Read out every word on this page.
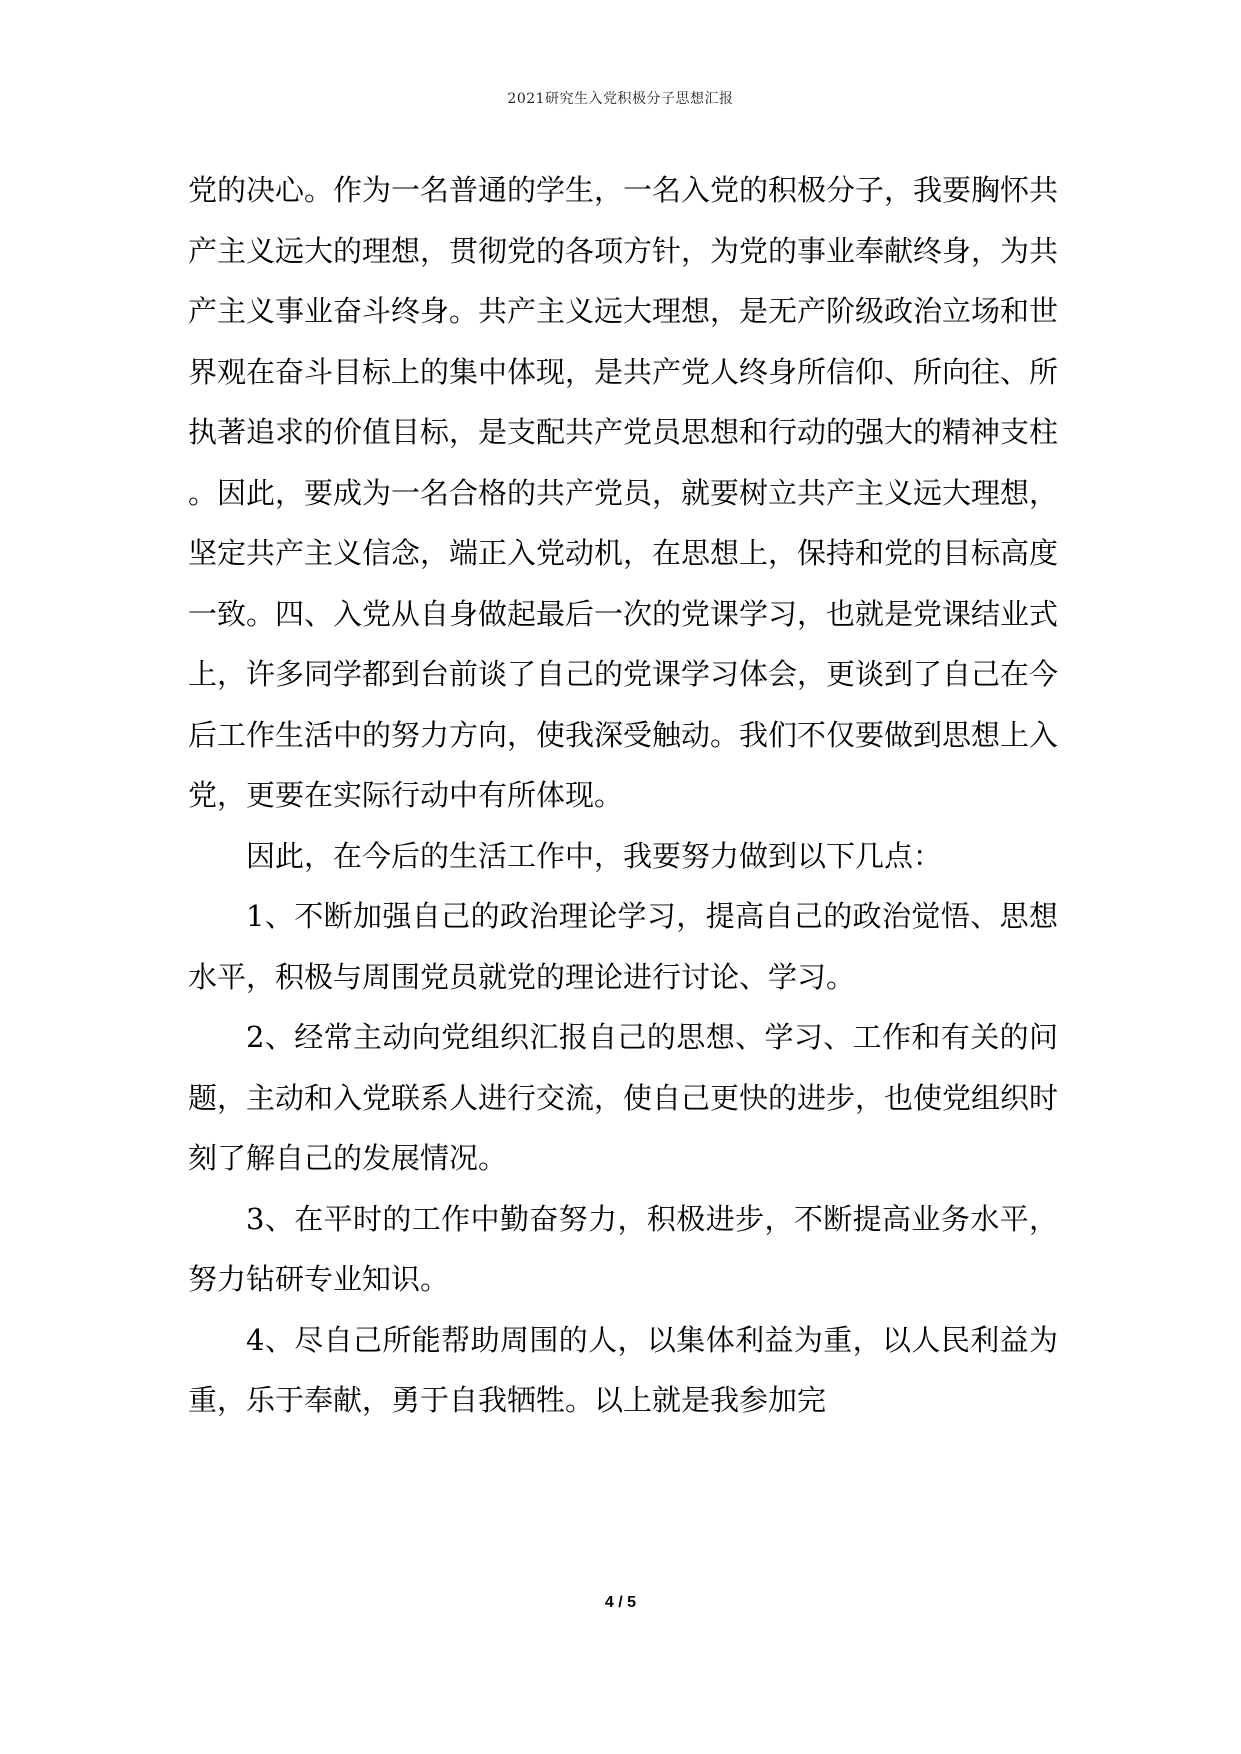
2021研究生入党积极分子思想汇报

党的决心。作为一名普通的学生，一名入党的积极分子，我要胸怀共产主义远大的理想，贯彻党的各项方针，为党的事业奉献终身，为共产主义事业奋斗终身。共产主义远大理想，是无产阶级政治立场和世界观在奋斗目标上的集中体现，是共产党人终身所信仰、所向往、所执著追求的价值目标，是支配共产党员思想和行动的强大的精神支柱。因此，要成为一名合格的共产党员，就要树立共产主义远大理想，坚定共产主义信念，端正入党动机，在思想上，保持和党的目标高度一致。四、入党从自身做起最后一次的党课学习，也就是党课结业式上，许多同学都到台前谈了自己的党课学习体会，更谈到了自己在今后工作生活中的努力方向，使我深受触动。我们不仅要做到思想上入党，更要在实际行动中有所体现。

因此，在今后的生活工作中，我要努力做到以下几点：

1、不断加强自己的政治理论学习，提高自己的政治觉悟、思想水平，积极与周围党员就党的理论进行讨论、学习。

2、经常主动向党组织汇报自己的思想、学习、工作和有关的问题，主动和入党联系人进行交流，使自己更快的进步，也使党组织时刻了解自己的发展情况。

3、在平时的工作中勤奋努力，积极进步，不断提高业务水平，努力钻研专业知识。

4、尽自己所能帮助周围的人，以集体利益为重，以人民利益为重，乐于奉献，勇于自我牺牲。以上就是我参加完

4 / 5
